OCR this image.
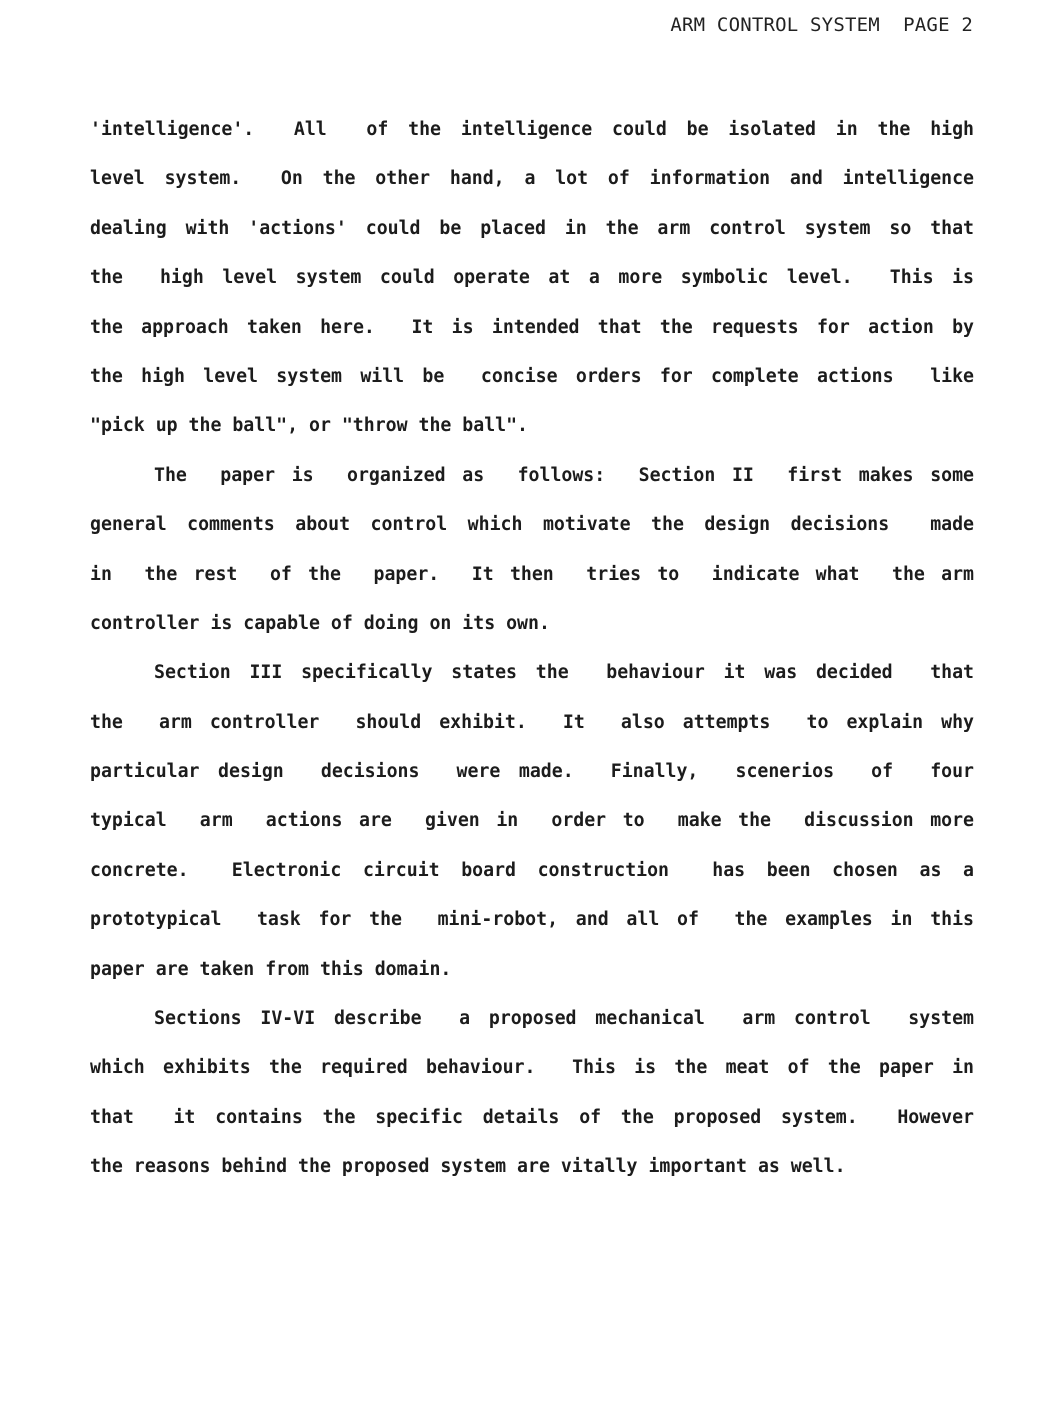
ARM CONTROL SYSTEM  PAGE 2
'intelligence'.  All  of the intelligence could be isolated in the high
level system.  On the other hand, a lot of information and intelligence
dealing with 'actions' could be placed in the arm control system so that
the  high level system could operate at a more symbolic level.  This is
the approach taken here.  It is intended that the requests for action by
the high level system will be  concise orders for complete actions  like
"pick up the ball", or "throw the ball".
The  paper is  organized as  follows:  Section II  first makes some
general comments about control which motivate the design decisions  made
in  the rest  of the  paper.  It then  tries to  indicate what  the arm
controller is capable of doing on its own.
Section III specifically states the  behaviour it was decided  that
the  arm controller  should exhibit.  It  also attempts  to explain why
particular design  decisions  were made.  Finally,  scenerios  of  four
typical  arm  actions are  given in  order to  make the  discussion more
concrete.  Electronic circuit board construction  has been chosen as a
prototypical  task for the  mini-robot, and all of  the examples in this
paper are taken from this domain.
Sections IV-VI describe  a proposed mechanical  arm control  system
which exhibits the required behaviour.  This is the meat of the paper in
that  it contains the specific details of the proposed system.  However
the reasons behind the proposed system are vitally important as well.
